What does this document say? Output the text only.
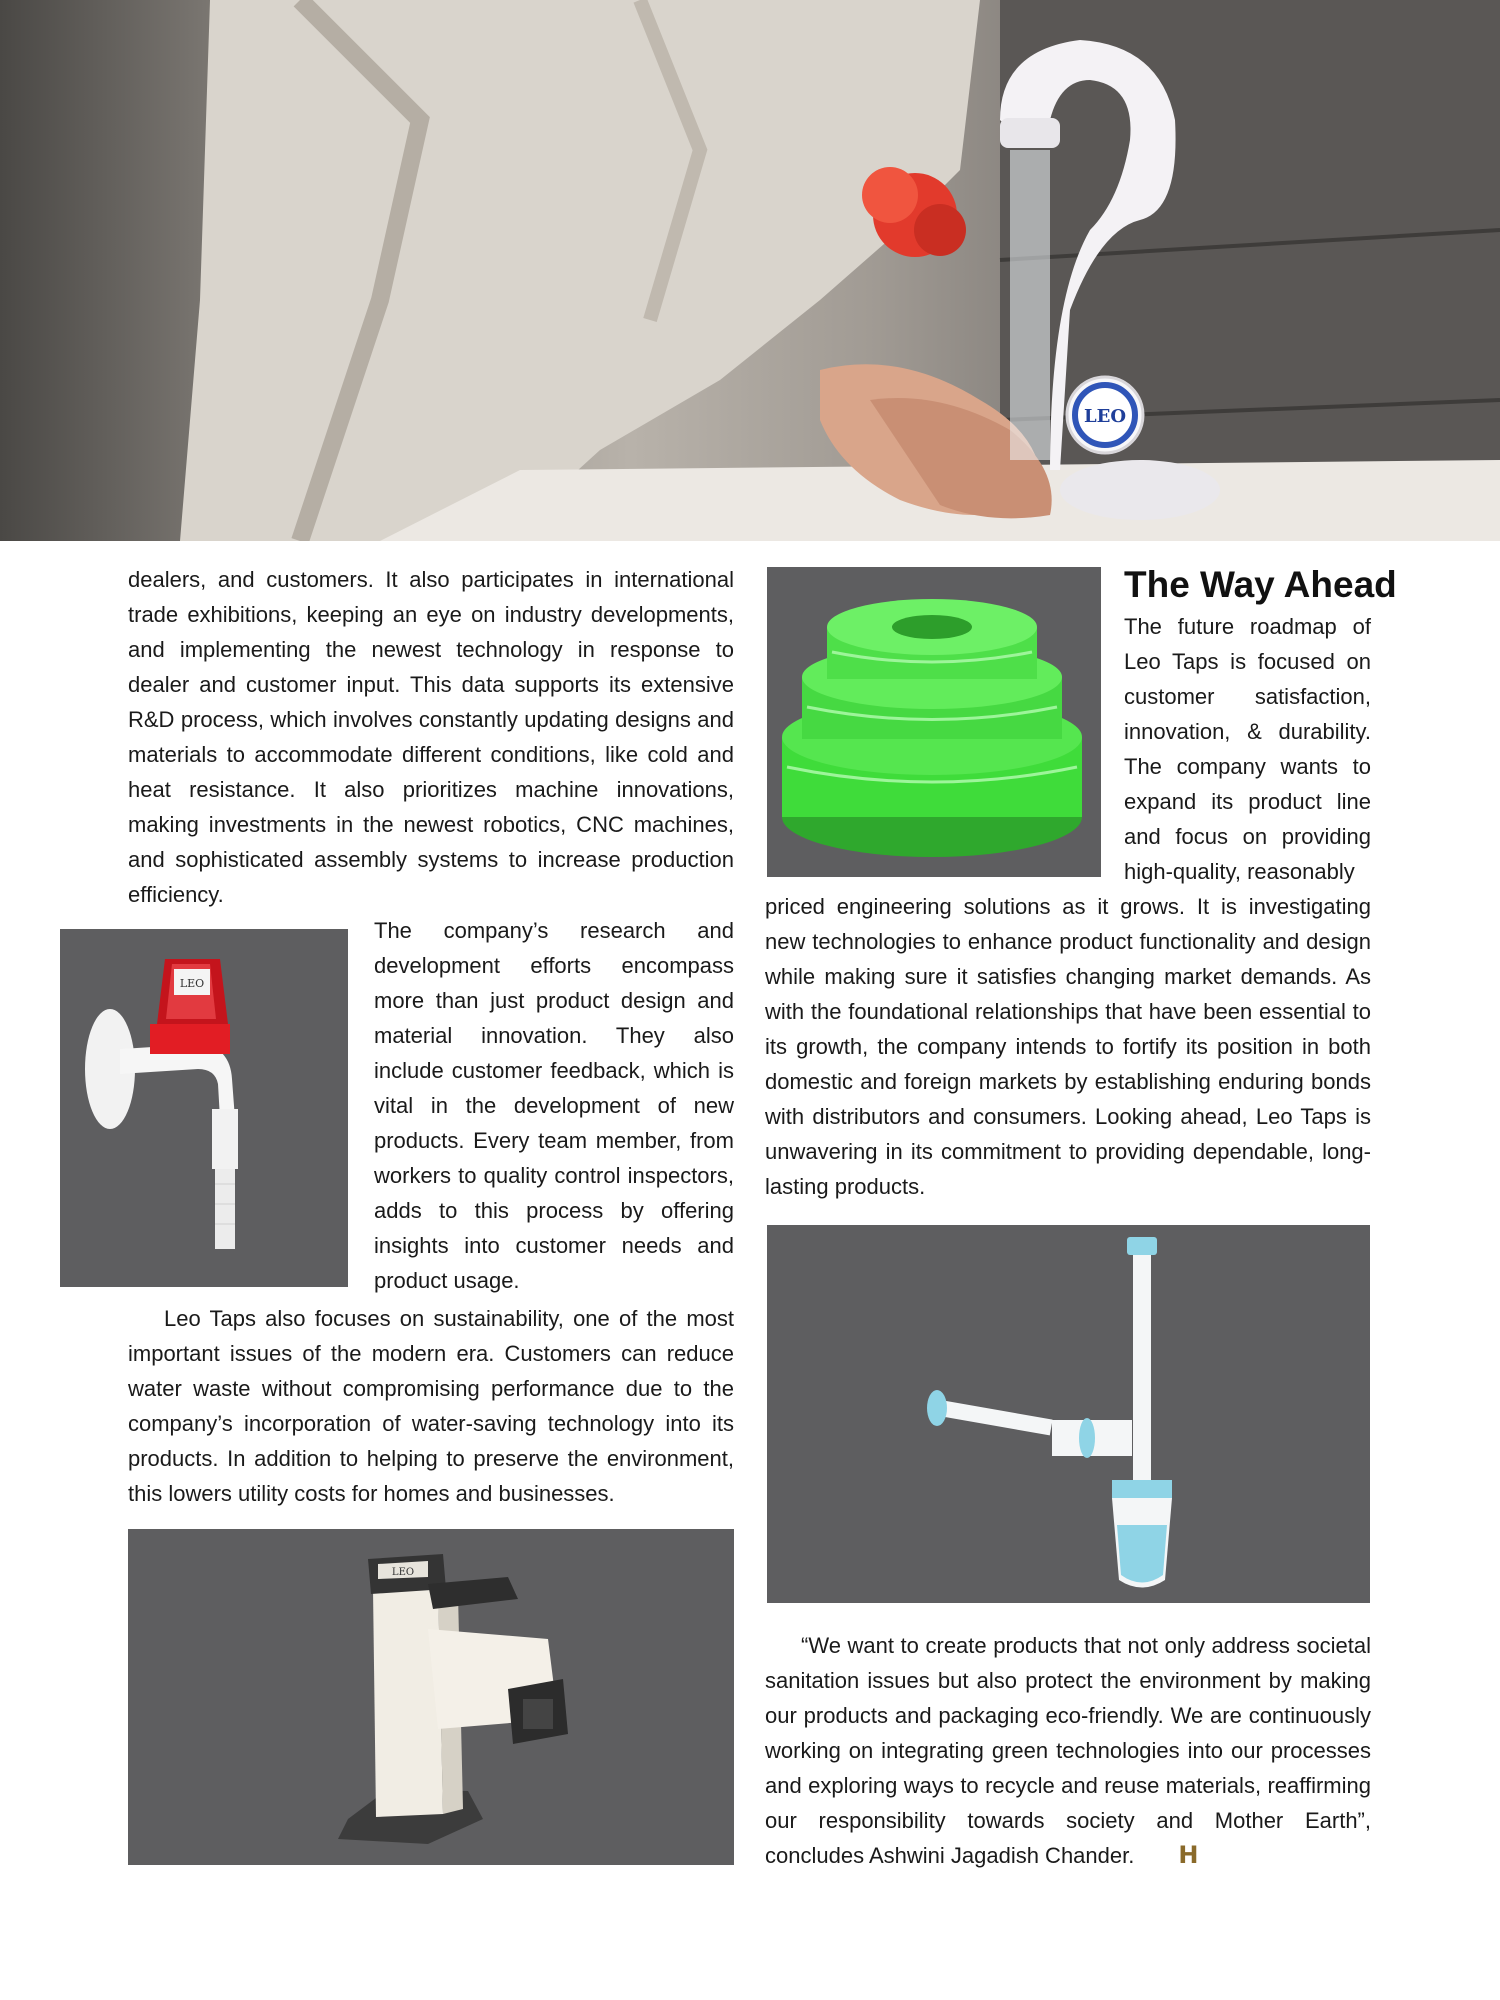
LEO

dealers, and customers. It also participates in international trade exhibitions, keeping an eye on industry developments, and implementing the newest technology in response to dealer and customer input. This data supports its extensive R&D process, which involves constantly updating designs and materials to accommodate different conditions, like cold and heat resistance. It also prioritizes machine innovations, making investments in the newest robotics, CNC machines, and sophisticated assembly systems to increase production efficiency.

LEO

The company’s research and development efforts encompass more than just product design and material innovation. They also include customer feedback, which is vital in the development of new products. Every team member, from workers to quality control inspectors, adds to this process by offering insights into customer needs and product usage.

Leo Taps also focuses on sustainability, one of the most important issues of the modern era. Customers can reduce water waste without compromising performance due to the company’s incorporation of water-saving technology into its products. In addition to helping to preserve the environment, this lowers utility costs for homes and businesses.

LEO
The Way Ahead

The future roadmap of Leo Taps is focused on customer satisfaction, innovation, & durability. The company wants to expand its product line and focus on providing high-quality, reasonably

priced engineering solutions as it grows. It is investigating new technologies to enhance product functionality and design while making sure it satisfies changing market demands. As with the foundational relationships that have been essential to its growth, the company intends to fortify its position in both domestic and foreign markets by establishing enduring bonds with distributors and consumers. Looking ahead, Leo Taps is unwavering in its commitment to providing dependable, long-lasting products.

“We want to create products that not only address societal sanitation issues but also protect the environment by making our products and packaging eco-friendly. We are continuously working on integrating green technologies into our processes and exploring ways to recycle and reuse materials, reaffirming our responsibility towards society and Mother Earth”, concludes Ashwini Jagadish Chander. H
